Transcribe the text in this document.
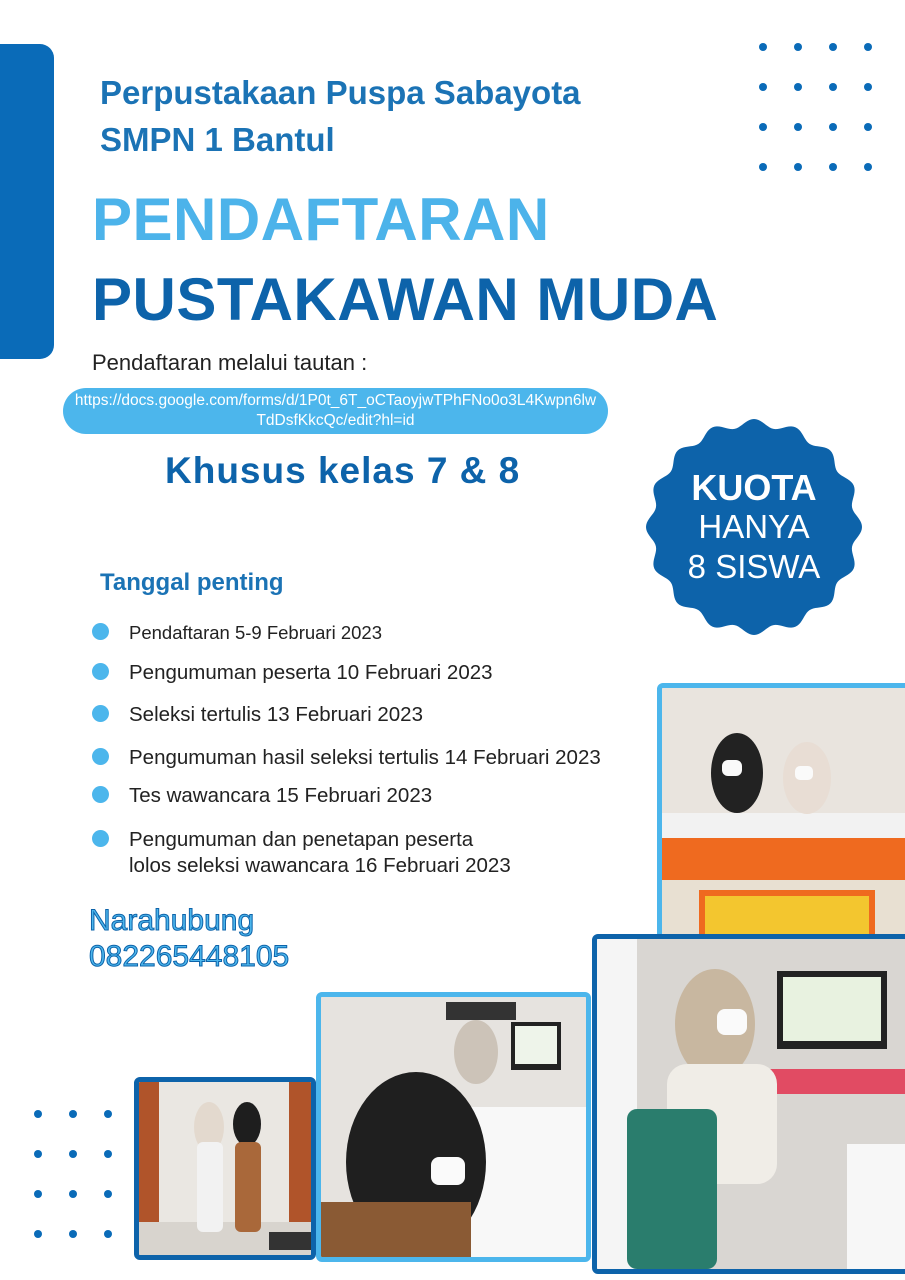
Perpustakaan Puspa Sabayota
SMPN 1 Bantul
PENDAFTARAN
PUSTAKAWAN MUDA
Pendaftaran melalui tautan :
https://docs.google.com/forms/d/1P0t_6T_oCTaoyjwTPhFNo0o3L4Kwpn6lwTdDsfKkcQc/edit?hl=id
Khusus kelas 7 & 8	KUOTA
HANYA
8 SISWA
Tanggal penting
Pendaftaran 5-9 Februari 2023
Pengumuman peserta 10 Februari 2023
Seleksi tertulis 13 Februari 2023
Pengumuman hasil seleksi tertulis 14 Februari 2023
Tes wawancara 15 Februari 2023
Pengumuman dan penetapan peserta
lolos seleksi wawancara 16 Februari 2023
Narahubung
082265448105
